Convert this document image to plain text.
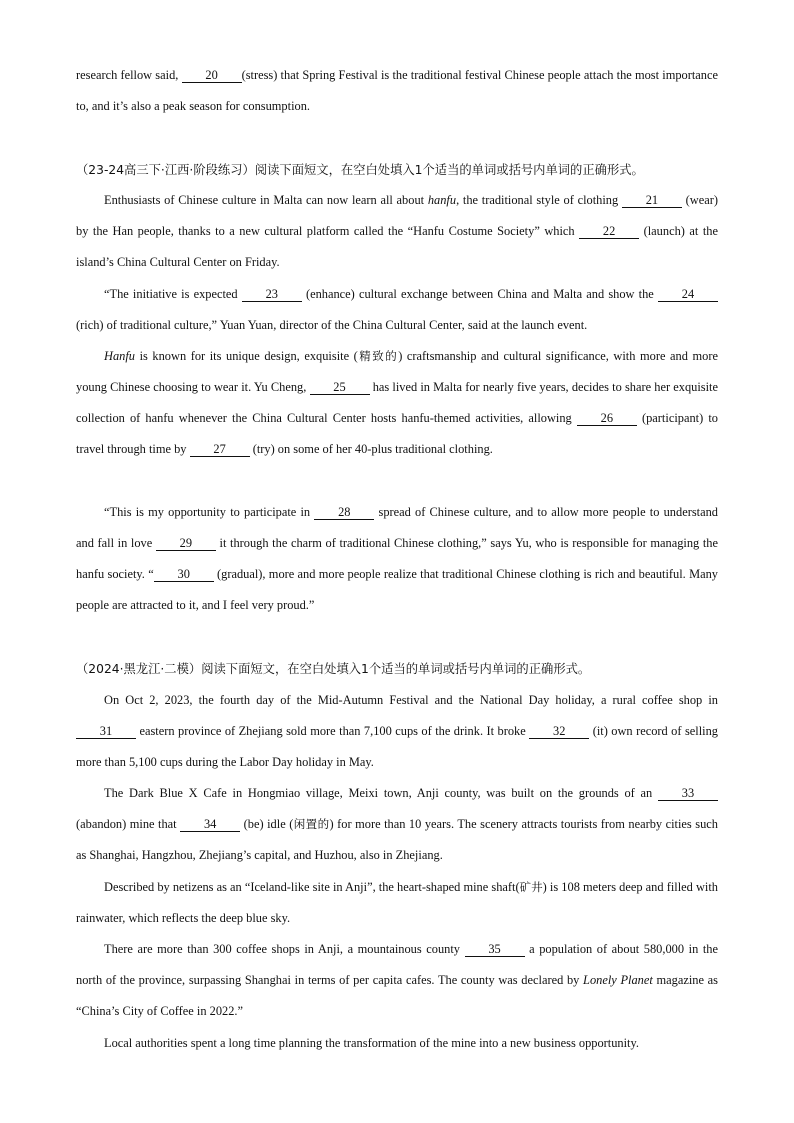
research fellow said, 20 (stress) that Spring Festival is the traditional festival Chinese people attach the most importance to, and it’s also a peak season for consumption.

（23-24高三下·江西·阶段练习）阅读下面短文，在空白处填入1个适当的单词或括号内单词的正确形式。

Enthusiasts of Chinese culture in Malta can now learn all about hanfu, the traditional style of clothing 21 (wear) by the Han people, thanks to a new cultural platform called the “Hanfu Costume Society” which 22 (launch) at the island’s China Cultural Center on Friday.

“The initiative is expected 23 (enhance) cultural exchange between China and Malta and show the 24 (rich) of traditional culture,” Yuan Yuan, director of the China Cultural Center, said at the launch event.

Hanfu is known for its unique design, exquisite (精致的) craftsmanship and cultural significance, with more and more young Chinese choosing to wear it. Yu Cheng, 25 has lived in Malta for nearly five years, decides to share her exquisite collection of hanfu whenever the China Cultural Center hosts hanfu-themed activities, allowing 26 (participant) to travel through time by 27 (try) on some of her 40-plus traditional clothing.

“This is my opportunity to participate in 28 spread of Chinese culture, and to allow more people to understand and fall in love 29 it through the charm of traditional Chinese clothing,” says Yu, who is responsible for managing the hanfu society. “ 30 (gradual), more and more people realize that traditional Chinese clothing is rich and beautiful. Many people are attracted to it, and I feel very proud.”

（2024·黑龙江·二模）阅读下面短文，在空白处填入1个适当的单词或括号内单词的正确形式。

On Oct 2, 2023, the fourth day of the Mid-Autumn Festival and the National Day holiday, a rural coffee shop in 31 eastern province of Zhejiang sold more than 7,100 cups of the drink. It broke 32 (it) own record of selling more than 5,100 cups during the Labor Day holiday in May.

The Dark Blue X Cafe in Hongmiao village, Meixi town, Anji county, was built on the grounds of an 33 (abandon) mine that 34 (be) idle (闲置的) for more than 10 years. The scenery attracts tourists from nearby cities such as Shanghai, Hangzhou, Zhejiang’s capital, and Huzhou, also in Zhejiang.

Described by netizens as an “Iceland-like site in Anji”, the heart-shaped mine shaft(矿井) is 108 meters deep and filled with rainwater, which reflects the deep blue sky.

There are more than 300 coffee shops in Anji, a mountainous county 35 a population of about 580,000 in the north of the province, surpassing Shanghai in terms of per capita cafes. The county was declared by Lonely Planet magazine as “China’s City of Coffee in 2022.”

Local authorities spent a long time planning the transformation of the mine into a new business opportunity.
